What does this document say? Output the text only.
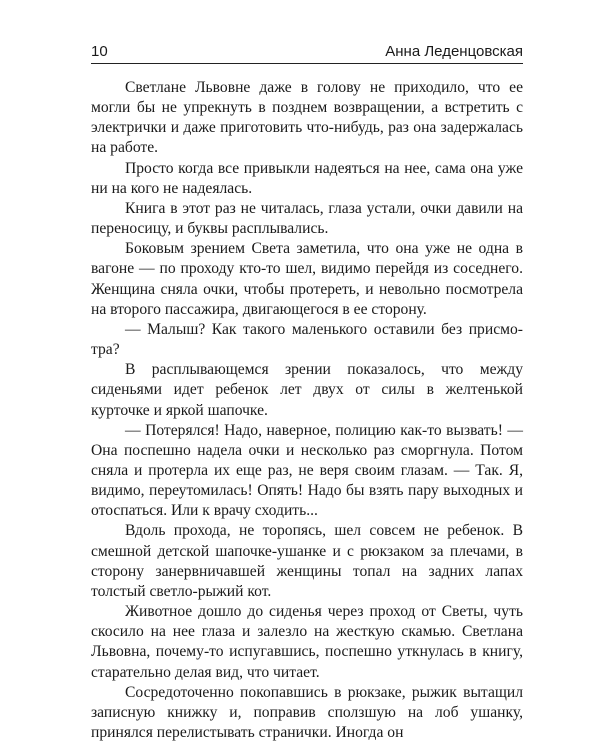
10	Анна Леденцовская

Светлане Львовне даже в голову не приходило, что ее могли бы не упрекнуть в позднем возвращении, а встретить с электрички и даже приготовить что-нибудь, раз она задержалась на работе.

Просто когда все привыкли надеяться на нее, сама она уже ни на кого не надеялась.

Книга в этот раз не читалась, глаза устали, очки давили на переносицу, и буквы расплывались.

Боковым зрением Света заметила, что она уже не одна в вагоне — по проходу кто-то шел, видимо перейдя из соседнего. Женщина сняла очки, чтобы протереть, и невольно посмотрела на второго пассажира, двигающегося в ее сторону.

— Малыш? Как такого маленького оставили без присмотра?

В расплывающемся зрении показалось, что между сиденьями идет ребенок лет двух от силы в желтенькой курточке и яркой шапочке.

— Потерялся! Надо, наверное, полицию как-то вызвать! — Она поспешно надела очки и несколько раз сморгнула. Потом сняла и протерла их еще раз, не веря своим глазам. — Так. Я, видимо, переутомилась! Опять! Надо бы взять пару выходных и отоспаться. Или к врачу сходить...

Вдоль прохода, не торопясь, шел совсем не ребенок. В смешной детской шапочке-ушанке и с рюкзаком за плечами, в сторону занервничавшей женщины топал на задних лапах толстый светло-рыжий кот.

Животное дошло до сиденья через проход от Светы, чуть скосило на нее глаза и залезло на жесткую скамью. Светлана Львовна, почему-то испугавшись, поспешно уткнулась в книгу, старательно делая вид, что читает.

Сосредоточенно покопавшись в рюкзаке, рыжик вытащил записную книжку и, поправив сползшую на лоб ушанку, принялся перелистывать странички. Иногда он
